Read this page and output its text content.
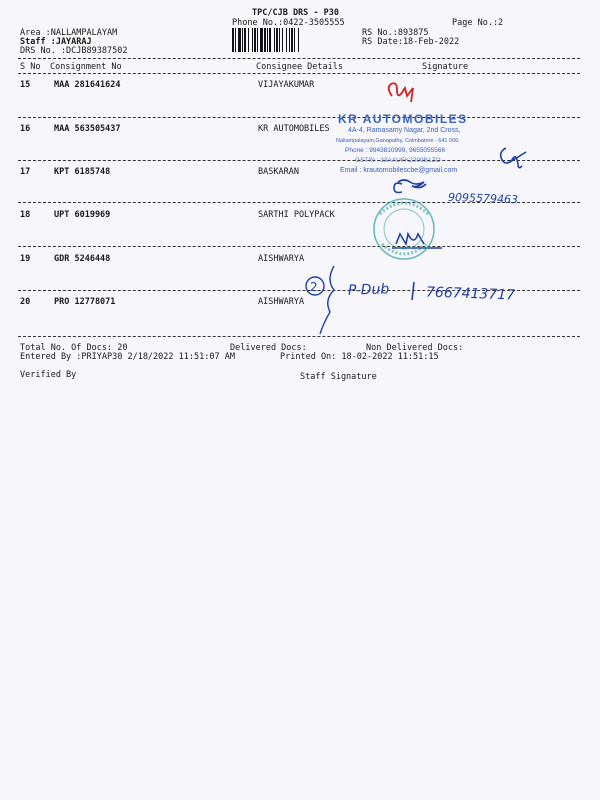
TPC/CJB DRS - P30
Phone No.:0422-3505555	Page No.:2
Area :NALLAMPALAYAM
Staff :JAYARAJ
DRS No. :DCJB89387502
RS No.:893875
RS Date:18-Feb-2022
S No Consignment No	Consignee Details	Signature
15	MAA 281641624	VIJAYAKUMAR
16	MAA 563505437	KR AUTOMOBILES
17	KPT 6185748	BASKARAN
18	UPT 6019969	SARTHI POLYPACK
19	GDR 5246448	AISHWARYA
20	PRO 12778071	AISHWARYA
Total No. Of Docs: 20	Delivered Docs:	Non Delivered Docs:
Entered By :PRIYAP30 2/18/2022 11:51:07 AM	Printed On: 18-02-2022 11:51:15
Verified By	Staff Signature
KR AUTOMOBILES
4A-4, Ramasamy Nagar, 2nd Cross,
Nallampalayam,Ganapathy, Coimbatore - 641 006.
Phone : 9943810999, 9655055566
GSTIN : 33AAUFK2209B1ZO
Email : krautomobilescbe@gmail.com
9095579463
P-Dub	7667413717
2
